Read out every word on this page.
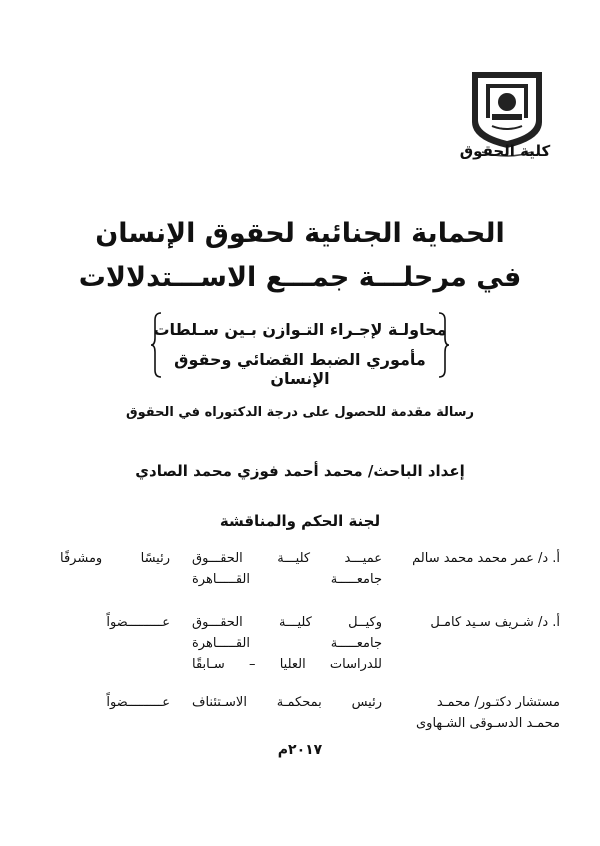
كلية الحقوق
الحماية الجنائية لحقوق الإنسان
في مرحلـــة جمـــع الاســـتدلالات
محاولـة لإجـراء التـوازن بـين سـلطات
مأموري الضبط القضائي وحقوق الإنسان
رسالة مقدمة للحصول على درجة الدكتوراه في الحقوق
إعداد الباحث/ محمد أحمد فوزي محمد الصادي
لجنة الحكم والمناقشة
أ. د/ عمر محمد محمد سالم
عميـــد كليـــة الحقـــوق
جامعـــــة القـــــاهرة
رئيسًا ومشرفًا
أ. د/ شـريف سـيد كامـل
وكيــل كليـــة الحقـــوق
جامعـــــة القـــــاهرة
للدراسات العليا – سـابقًا
عـــــــــضواً
مستشار دكتـور/ محمـد
محمـد الدسـوقى الشـهاوى
رئيس بمحكمـة الاسـتئناف
عـــــــــضواً
٢٠١٧م
